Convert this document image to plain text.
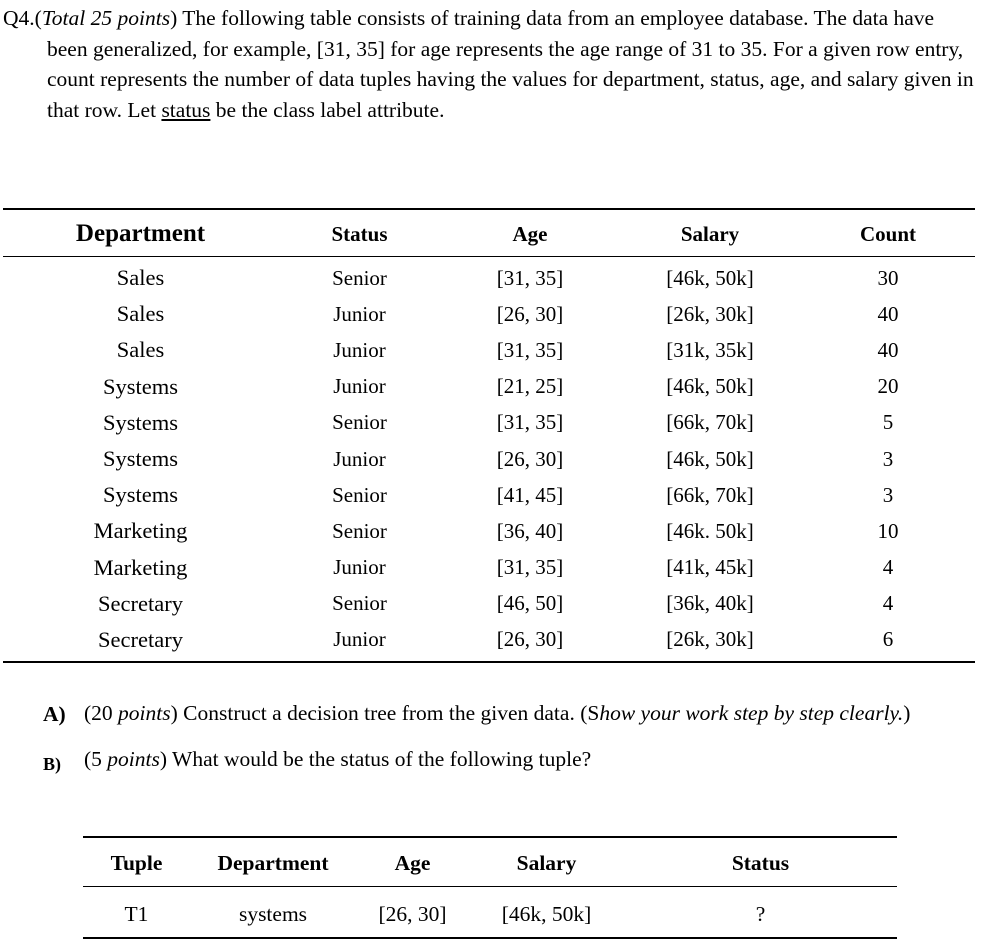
Q4.(Total 25 points) The following table consists of training data from an employee database. The data have been generalized, for example, [31, 35] for age represents the age range of 31 to 35. For a given row entry, count represents the number of data tuples having the values for department, status, age, and salary given in that row. Let status be the class label attribute.
Department	Status	Age	Salary	Count
Sales	Senior	[31, 35]	[46k, 50k]	30
Sales	Junior	[26, 30]	[26k, 30k]	40
Sales	Junior	[31, 35]	[31k, 35k]	40
Systems	Junior	[21, 25]	[46k, 50k]	20
Systems	Senior	[31, 35]	[66k, 70k]	5
Systems	Junior	[26, 30]	[46k, 50k]	3
Systems	Senior	[41, 45]	[66k, 70k]	3
Marketing	Senior	[36, 40]	[46k. 50k]	10
Marketing	Junior	[31, 35]	[41k, 45k]	4
Secretary	Senior	[46, 50]	[36k, 40k]	4
Secretary	Junior	[26, 30]	[26k, 30k]	6
A) (20 points) Construct a decision tree from the given data. (Show your work step by step clearly.)
B)	(5 points) What would be the status of the following tuple?
Tuple	Department	Age	Salary	Status
T1	systems	[26, 30]	[46k, 50k]	?
